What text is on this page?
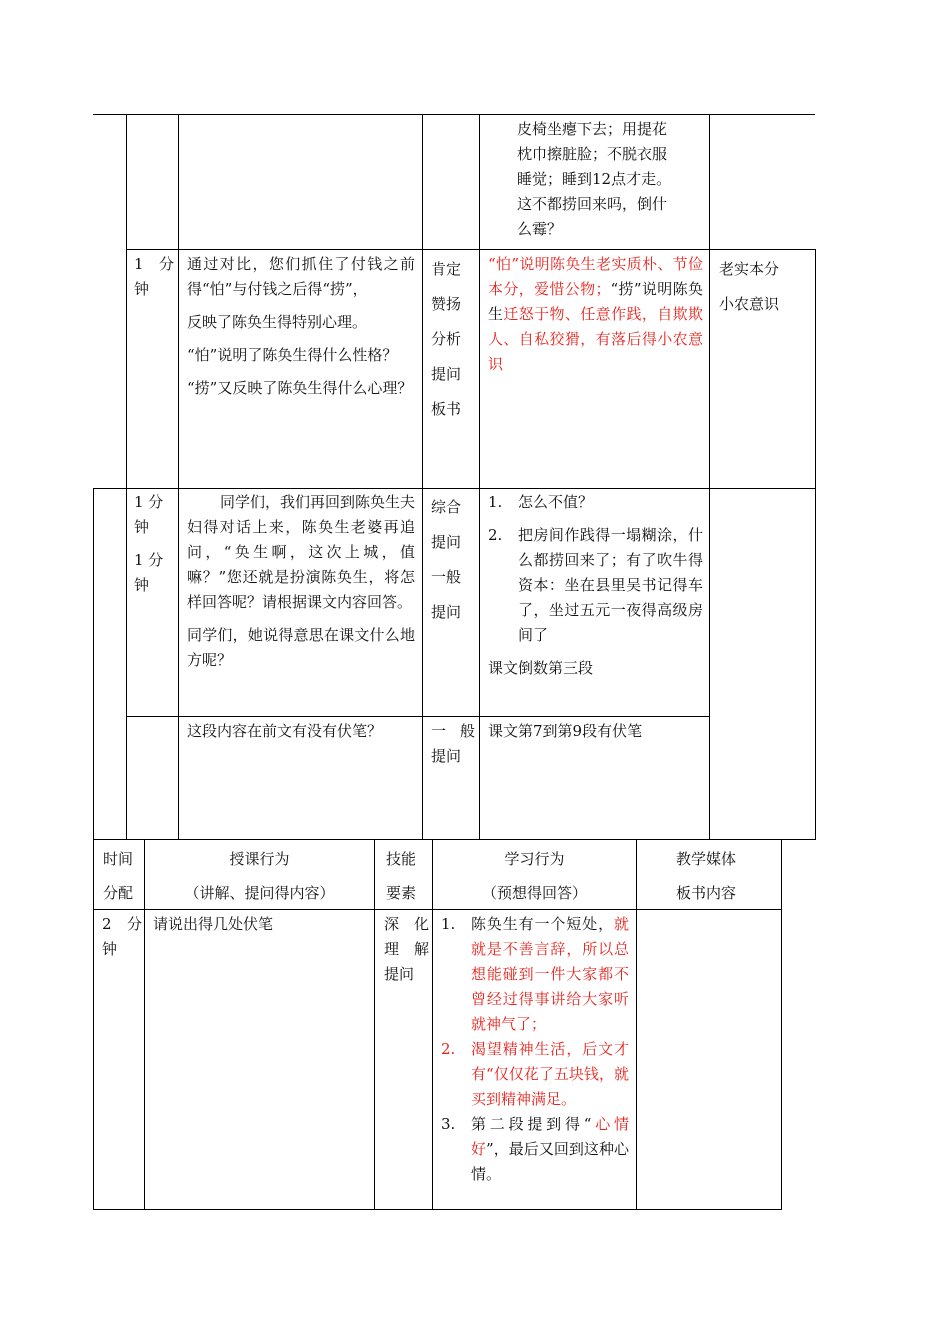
皮椅坐瘪下去；用提花

枕巾擦脏脸；不脱衣服

睡觉；睡到12点才走。

这不都捞回来吗，倒什

么霉？

1 分钟

通过对比，您们抓住了付钱之前得“怕”与付钱之后得“捞”，

反映了陈奂生得特别心理。

“怕”说明了陈奂生得什么性格？

“捞”又反映了陈奂生得什么心理？

肯定

赞扬

分析

提问

板书

“怕”说明陈奂生老实质朴、节俭本分，爱惜公物；“捞”说明陈奂生迁怒于物、任意作践，自欺欺人、自私狡猾，有落后得小农意识

老实本分

小农意识

1 分钟

1 分钟

同学们，我们再回到陈奂生夫妇得对话上来，陈奂生老婆再追问，“奂生啊，这次上城，值嘛？”您还就是扮演陈奂生，将怎样回答呢？请根据课文内容回答。

同学们，她说得意思在课文什么地方呢？

综合

提问

一般

提问

1. 怎么不值？
2. 把房间作践得一塌糊涂，什么都捞回来了；有了吹牛得资本：坐在县里吴书记得车了，坐过五元一夜得高级房间了

课文倒数第三段

这段内容在前文有没有伏笔？	一 般提问

课文第7到第9段有伏笔

时间

分配

授课行为

（讲解、提问得内容）

技能

要素

学习行为

（预想得回答）

教学媒体

板书内容

2 分钟

请说出得几处伏笔	深 化理 解提问

1. 陈奂生有一个短处，就就是不善言辞，所以总想能碰到一件大家都不曾经过得事讲给大家听就神气了；
2. 渴望精神生活，后文才有“仅仅花了五块钱，就买到精神满足。
3. 第二段提到得“心情好”，最后又回到这种心情。
